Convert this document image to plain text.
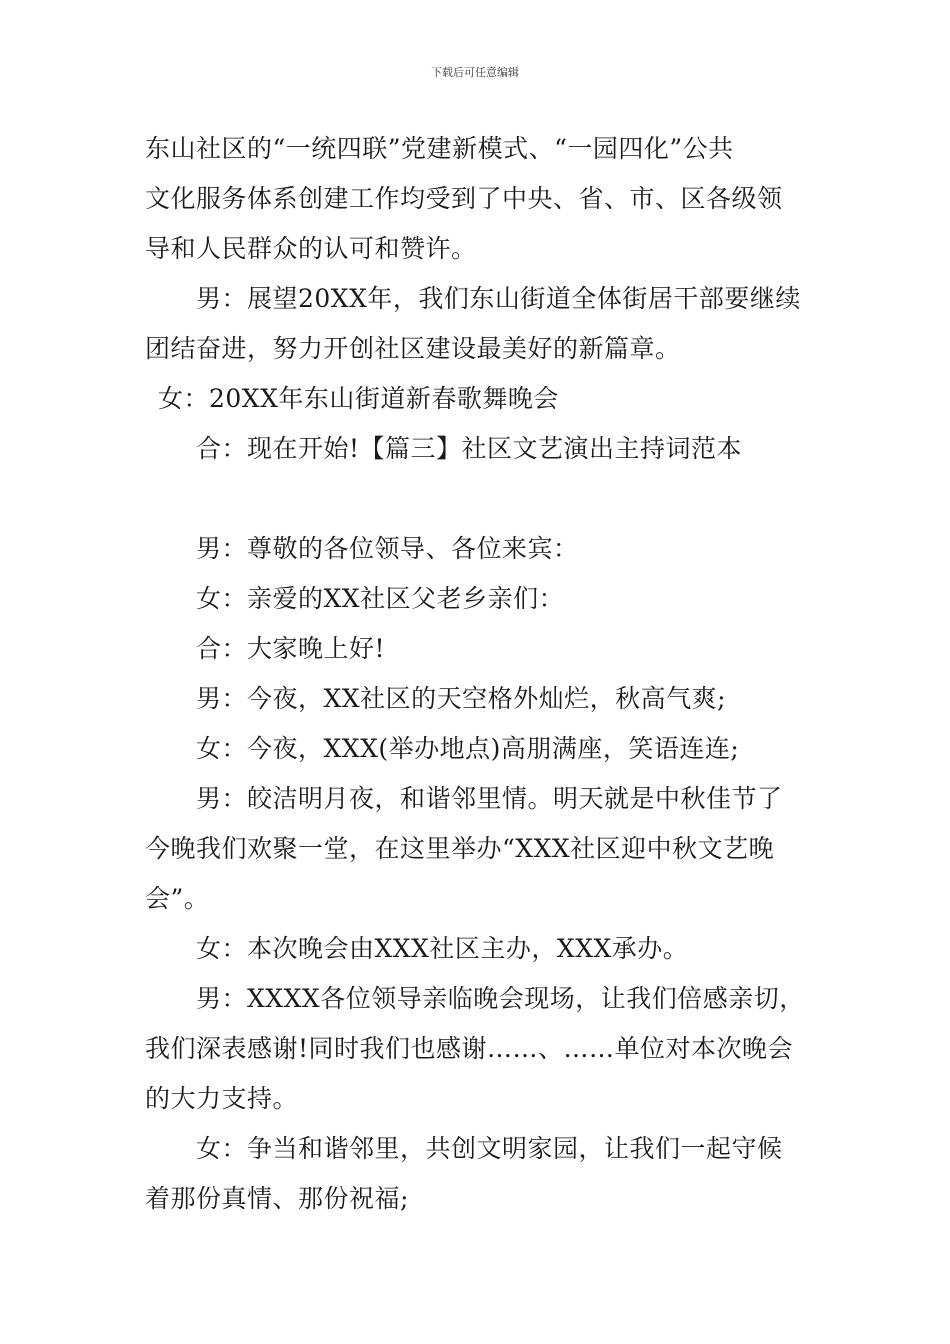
下载后可任意编辑
东山社区的“一统四联”党建新模式、“一园四化”公共
文化服务体系创建工作均受到了中央、省、市、区各级领
导和人民群众的认可和赞许。
男：展望20XX年，我们东山街道全体街居干部要继续
团结奋进，努力开创社区建设最美好的新篇章。
女：20XX年东山街道新春歌舞晚会
合：现在开始!【篇三】社区文艺演出主持词范本
男：尊敬的各位领导、各位来宾：
女：亲爱的XX社区父老乡亲们：
合：大家晚上好!
男：今夜，XX社区的天空格外灿烂，秋高气爽;
女：今夜，XXX(举办地点)高朋满座，笑语连连;
男：皎洁明月夜，和谐邻里情。明天就是中秋佳节了
今晚我们欢聚一堂，在这里举办“XXX社区迎中秋文艺晚
会”。
女：本次晚会由XXX社区主办，XXX承办。
男：XXXX各位领导亲临晚会现场，让我们倍感亲切，
我们深表感谢!同时我们也感谢……、……单位对本次晚会
的大力支持。
女：争当和谐邻里，共创文明家园，让我们一起守候
着那份真情、那份祝福;
